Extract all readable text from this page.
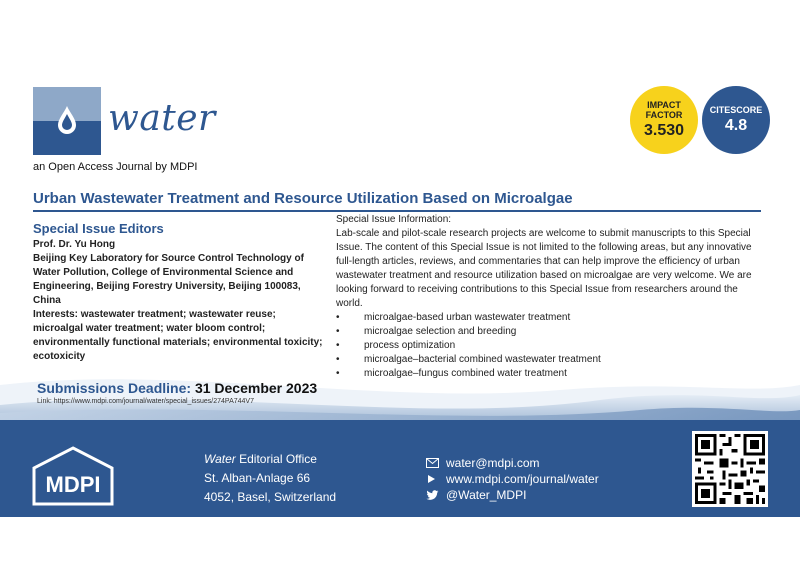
water
an Open Access Journal by MDPI
IMPACT
FACTOR
3.530
CITESCORE
4.8
Urban Wastewater Treatment and Resource Utilization Based on Microalgae
Special Issue Editors
Prof. Dr. Yu Hong
Beijing Key Laboratory for Source Control Technology of Water Pollution, College of Environmental Science and Engineering, Beijing Forestry University, Beijing 100083, China
Interests: wastewater treatment; wastewater reuse; microalgal water treatment; water bloom control; environmentally functional materials; environmental toxicity; ecotoxicity
Special Issue Information:
Lab-scale and pilot-scale research projects are welcome to submit manuscripts to this Special Issue. The content of this Special Issue is not limited to the following areas, but any innovative full-length articles, reviews, and commentaries that can help improve the efficiency of urban wastewater treatment and resource utilization based on microalgae are very welcome. We are looking forward to receiving contributions to this Special Issue from researchers around the world.
•	microalgae-based urban wastewater treatment
•	microalgae selection and breeding
•	process optimization
•	microalgae–bacterial combined wastewater treatment
•	microalgae–fungus combined water treatment
Submissions Deadline: 31 December 2023
Link: https://www.mdpi.com/journal/water/special_issues/274PA744V7
MDPI
Water Editorial Office
St. Alban-Anlage 66
4052, Basel, Switzerland
water@mdpi.com
www.mdpi.com/journal/water
@Water_MDPI
